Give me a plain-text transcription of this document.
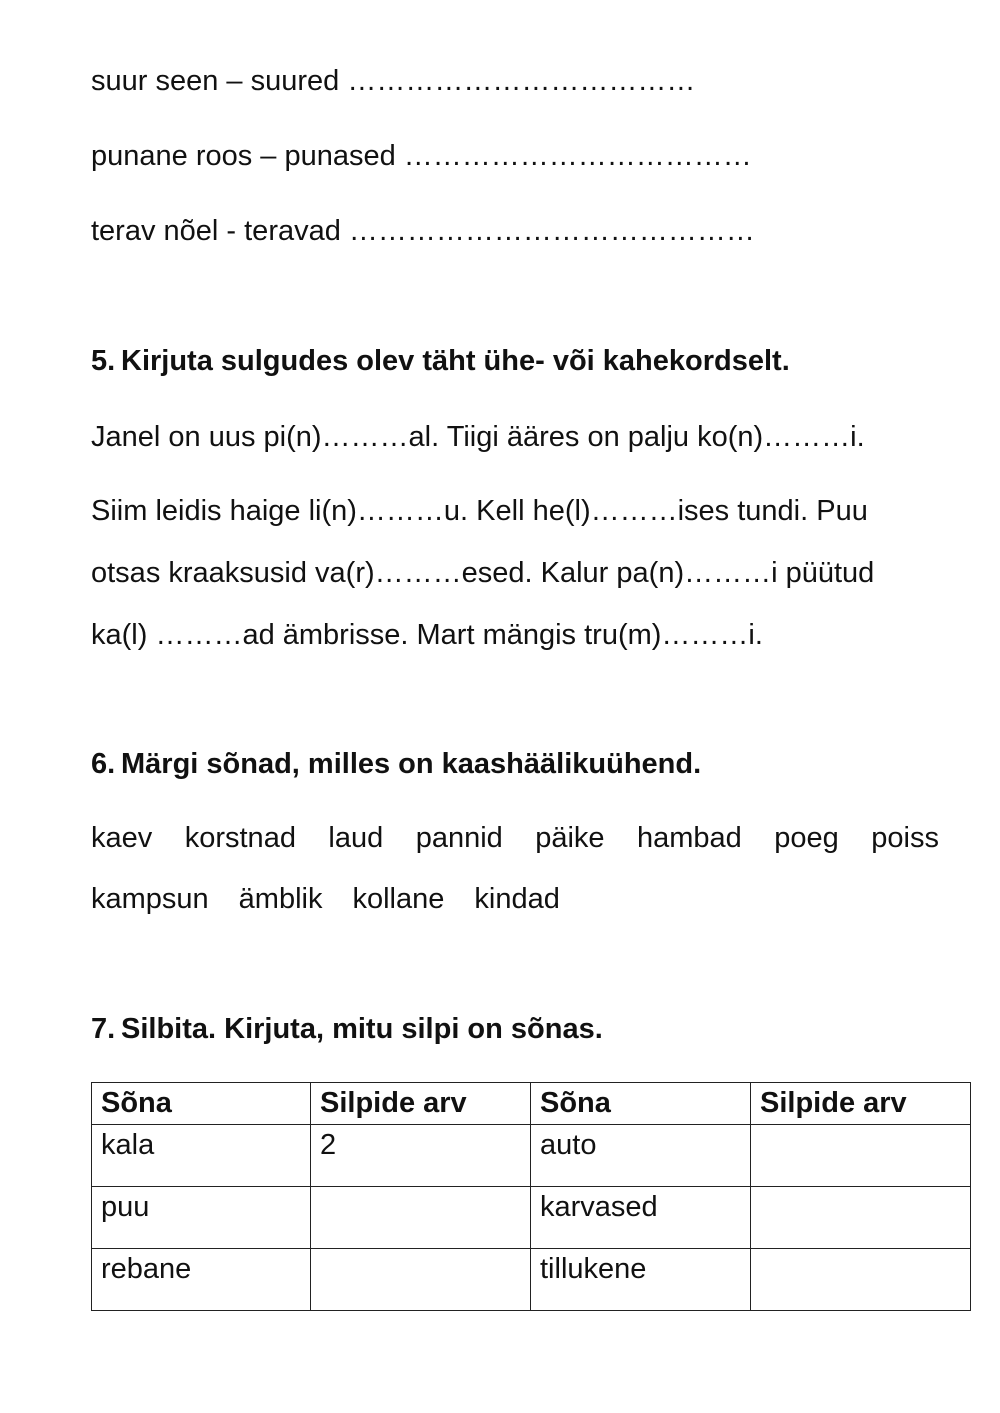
suur seen – suured ………………………………
punane roos – punased ………………………………
terav nõel - teravad ……………………………………
5. Kirjuta sulgudes olev täht ühe- või kahekordselt.
Janel on uus pi(n)………al. Tiigi ääres on palju ko(n)………i.
Siim leidis haige li(n)………u. Kell he(l)………ises tundi. Puu
otsas kraaksusid va(r)………esed. Kalur pa(n)………i püütud
ka(l) ………ad ämbrisse. Mart mängis tru(m)………i.
6. Märgi sõnad, milles on kaashäälikuühend.
kaev korstnad laud pannid päike hambad poeg poiss
kampsun ämblik kollane kindad
7. Silbita. Kirjuta, mitu silpi on sõnas.
Sõna	Silpide arv	Sõna	Silpide arv
kala	2	auto	
puu		karvased	
rebane		tillukene	
